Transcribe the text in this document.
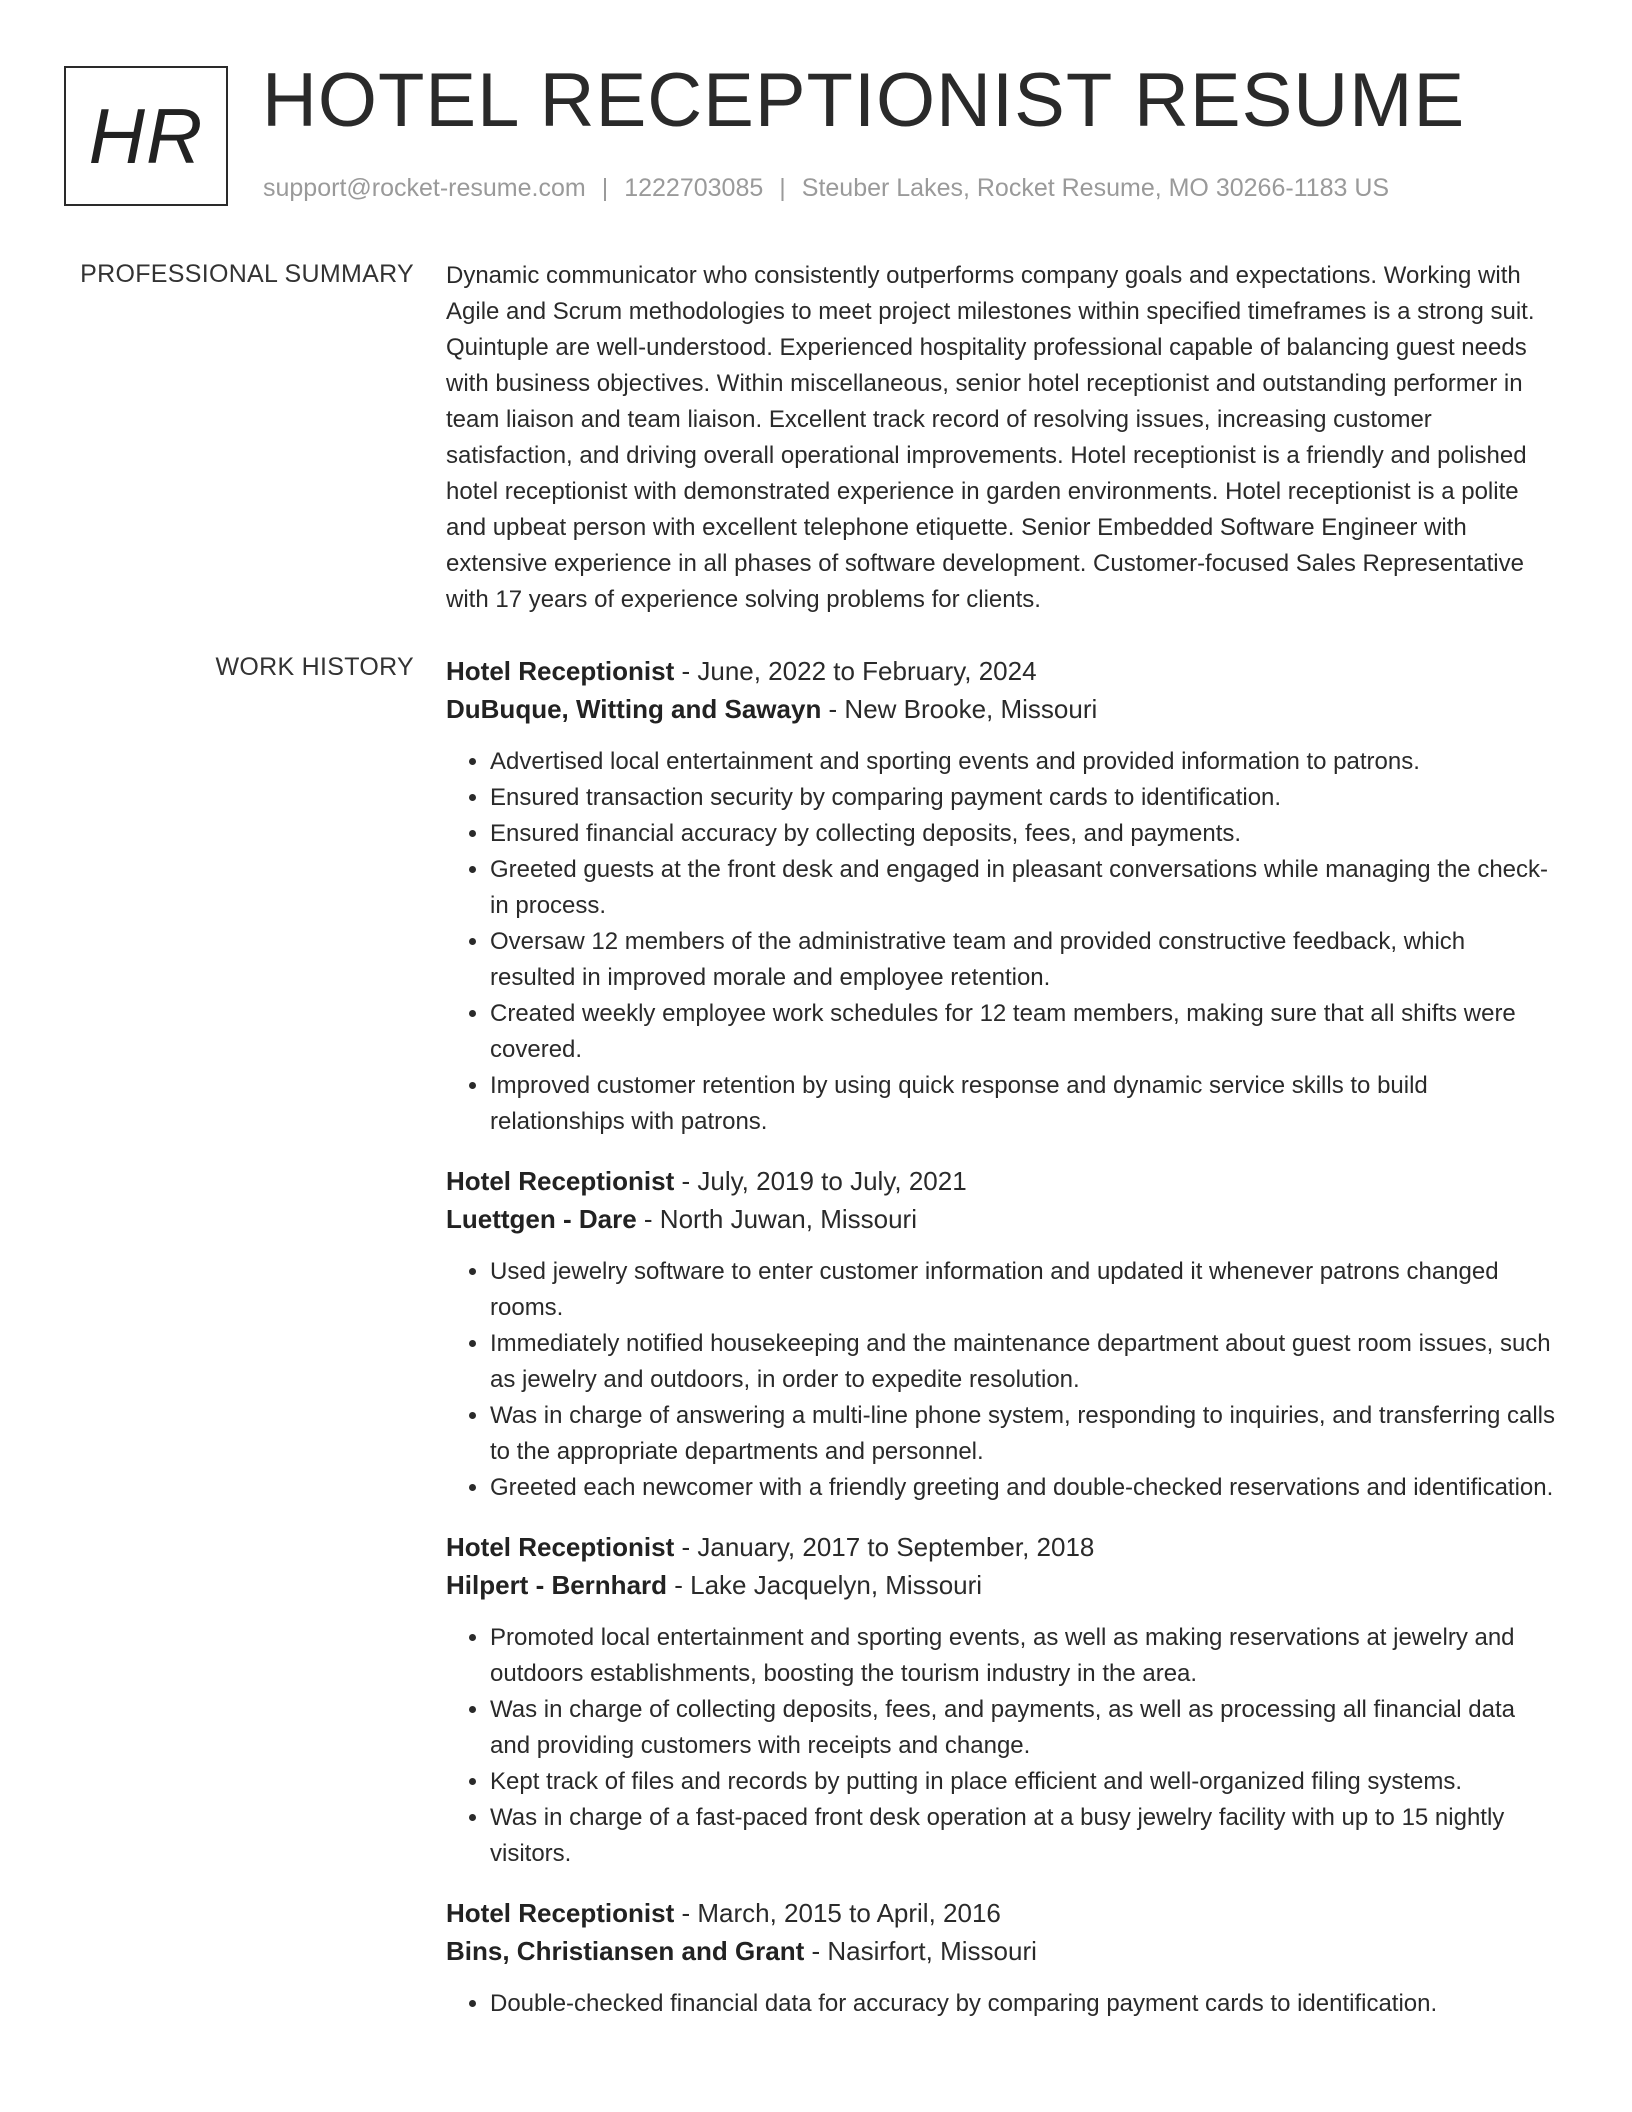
HR HOTEL RECEPTIONIST RESUME
support@rocket-resume.com | 1222703085 | Steuber Lakes, Rocket Resume, MO 30266-1183 US
PROFESSIONAL SUMMARY Dynamic communicator who consistently outperforms company goals and expectations. Working with Agile and Scrum methodologies to meet project milestones within specified timeframes is a strong suit. Quintuple are well-understood. Experienced hospitality professional capable of balancing guest needs with business objectives. Within miscellaneous, senior hotel receptionist and outstanding performer in team liaison and team liaison. Excellent track record of resolving issues, increasing customer satisfaction, and driving overall operational improvements. Hotel receptionist is a friendly and polished hotel receptionist with demonstrated experience in garden environments. Hotel receptionist is a polite and upbeat person with excellent telephone etiquette. Senior Embedded Software Engineer with extensive experience in all phases of software development. Customer-focused Sales Representative with 17 years of experience solving problems for clients.
WORK HISTORY Hotel Receptionist - June, 2022 to February, 2024
DuBuque, Witting and Sawayn - New Brooke, Missouri
• Advertised local entertainment and sporting events and provided information to patrons.
• Ensured transaction security by comparing payment cards to identification.
• Ensured financial accuracy by collecting deposits, fees, and payments.
• Greeted guests at the front desk and engaged in pleasant conversations while managing the check-in process.
• Oversaw 12 members of the administrative team and provided constructive feedback, which resulted in improved morale and employee retention.
• Created weekly employee work schedules for 12 team members, making sure that all shifts were covered.
• Improved customer retention by using quick response and dynamic service skills to build relationships with patrons.
Hotel Receptionist - July, 2019 to July, 2021
Luettgen - Dare - North Juwan, Missouri
• Used jewelry software to enter customer information and updated it whenever patrons changed rooms.
• Immediately notified housekeeping and the maintenance department about guest room issues, such as jewelry and outdoors, in order to expedite resolution.
• Was in charge of answering a multi-line phone system, responding to inquiries, and transferring calls to the appropriate departments and personnel.
• Greeted each newcomer with a friendly greeting and double-checked reservations and identification.
Hotel Receptionist - January, 2017 to September, 2018
Hilpert - Bernhard - Lake Jacquelyn, Missouri
• Promoted local entertainment and sporting events, as well as making reservations at jewelry and outdoors establishments, boosting the tourism industry in the area.
• Was in charge of collecting deposits, fees, and payments, as well as processing all financial data and providing customers with receipts and change.
• Kept track of files and records by putting in place efficient and well-organized filing systems.
• Was in charge of a fast-paced front desk operation at a busy jewelry facility with up to 15 nightly visitors.
Hotel Receptionist - March, 2015 to April, 2016
Bins, Christiansen and Grant - Nasirfort, Missouri
• Double-checked financial data for accuracy by comparing payment cards to identification.
